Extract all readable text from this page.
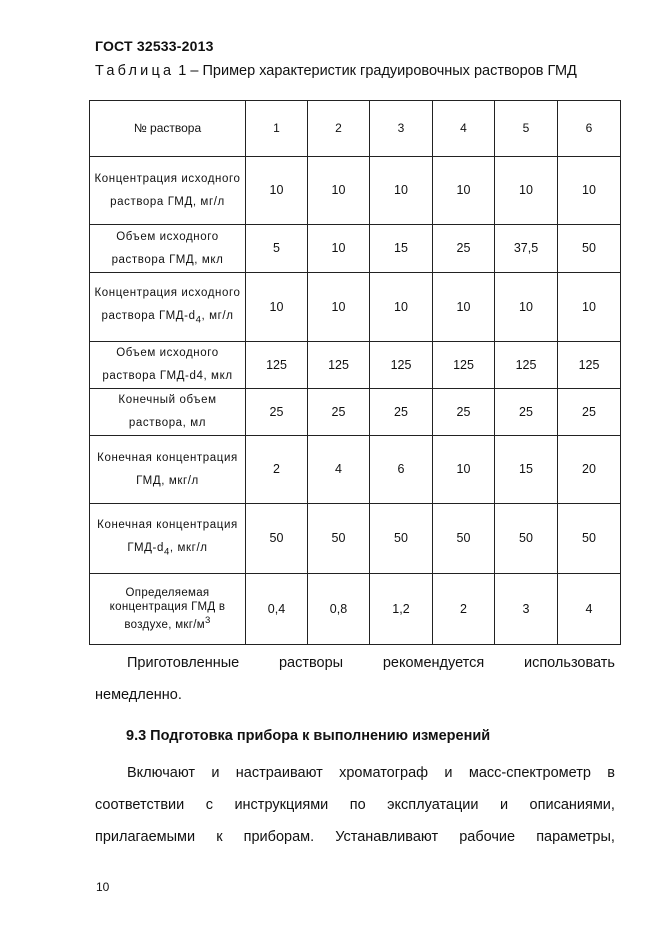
ГОСТ 32533-2013
Таблица 1 – Пример характеристик градуировочных растворов ГМД
№ раствора	1	2	3	4	5	6
Концентрация исходного раствора ГМД, мг/л	10	10	10	10	10	10
Объем исходного раствора ГМД, мкл	5	10	15	25	37,5	50
Концентрация исходного раствора ГМД-$d_4$, мг/л	10	10	10	10	10	10
Объем исходного раствора ГМД-d4, мкл	125	125	125	125	125	125
Конечный объем раствора, мл	25	25	25	25	25	25
Конечная концентрация ГМД, мкг/л	2	4	6	10	15	20
Конечная концентрация ГМД-$d_4$, мкг/л	50	50	50	50	50	50
Определяемая концентрация ГМД в воздухе, мкг/$м^3$	0,4	0,8	1,2	2	3	4
Приготовленные	растворы	рекомендуется	использовать
немедленно.
9.3 Подготовка прибора к выполнению измерений
Включают и настраивают хроматограф и масс-спектрометр в
соответствии с инструкциями по эксплуатации и описаниями,
прилагаемыми к приборам. Устанавливают рабочие параметры,
10
